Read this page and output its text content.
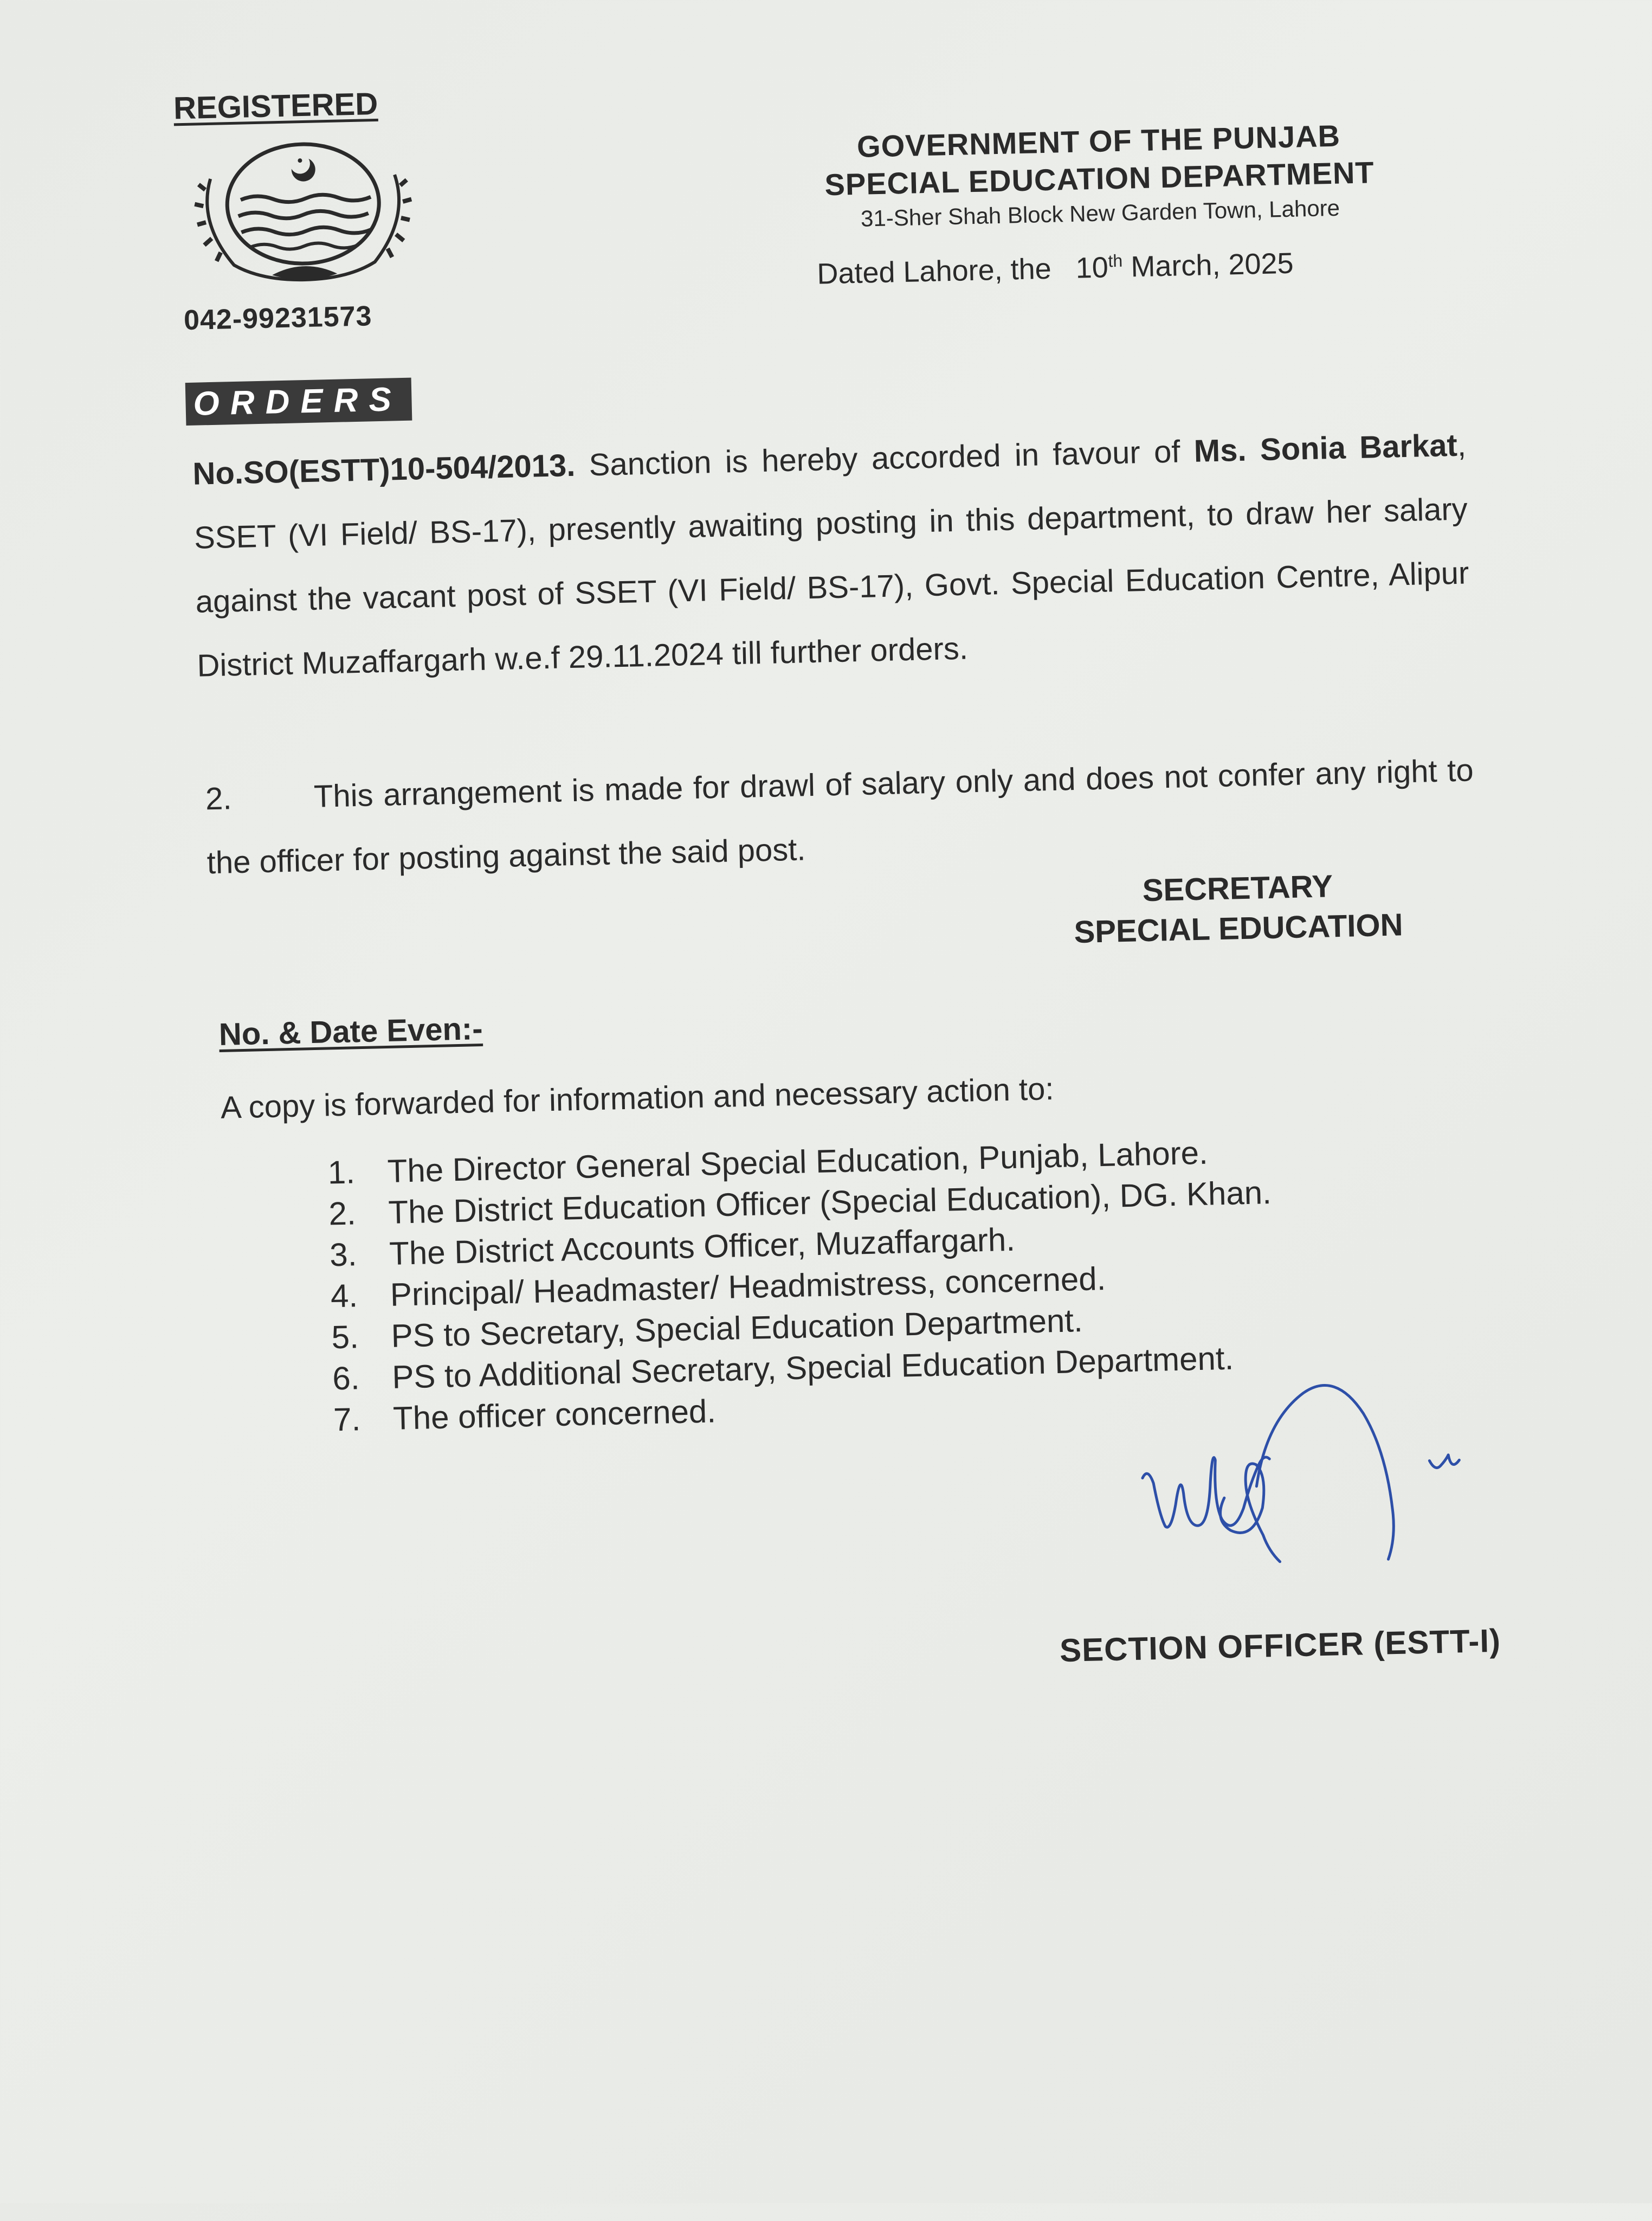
REGISTERED
042-99231573
GOVERNMENT OF THE PUNJAB
SPECIAL EDUCATION DEPARTMENT
31-Sher Shah Block New Garden Town, Lahore
Dated Lahore, the 10th March, 2025
ORDERS
No.SO(ESTT)10-504/2013. Sanction is hereby accorded in favour of Ms. Sonia Barkat, SSET (VI Field/ BS-17), presently awaiting posting in this department, to draw her salary against the vacant post of SSET (VI Field/ BS-17), Govt. Special Education Centre, Alipur District Muzaffargarh w.e.f 29.11.2024 till further orders.
2.	This arrangement is made for drawl of salary only and does not confer any right to the officer for posting against the said post.
SECRETARY
SPECIAL EDUCATION
No. & Date Even:-
A copy is forwarded for information and necessary action to:
1. The Director General Special Education, Punjab, Lahore.
2. The District Education Officer (Special Education), DG. Khan.
3. The District Accounts Officer, Muzaffargarh.
4. Principal/ Headmaster/ Headmistress, concerned.
5. PS to Secretary, Special Education Department.
6. PS to Additional Secretary, Special Education Department.
7. The officer concerned.
SECTION OFFICER (ESTT-I)
